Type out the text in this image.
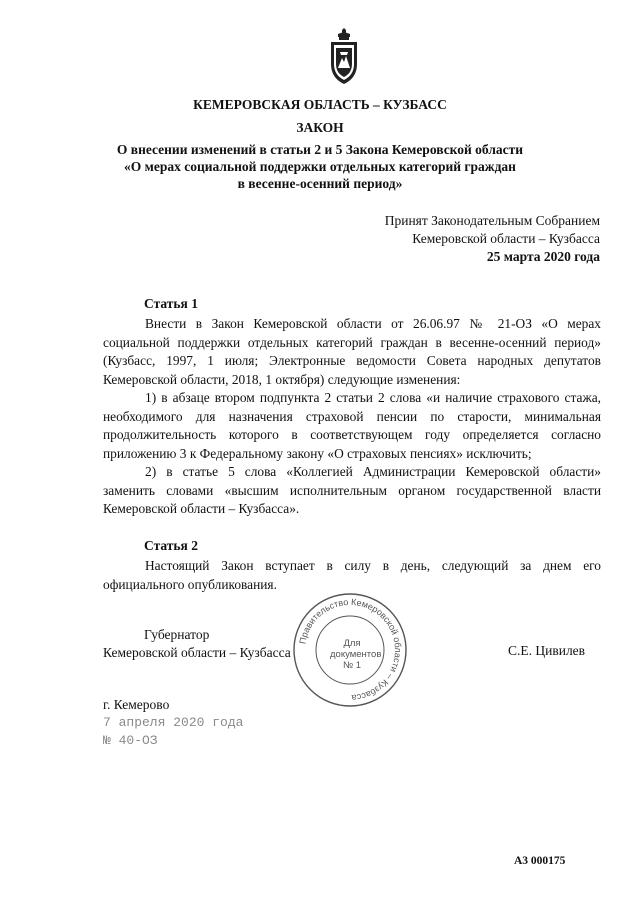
КЕМЕРОВСКАЯ ОБЛАСТЬ – КУЗБАСС
ЗАКОН
О внесении изменений в статьи 2 и 5 Закона Кемеровской области
«О мерах социальной поддержки отдельных категорий граждан
в весенне-осенний период»
Принят Законодательным Собранием
Кемеровской области – Кузбасса
25 марта 2020 года
Статья 1
Внести в Закон Кемеровской области от 26.06.97 № 21-ОЗ «О мерах социальной поддержки отдельных категорий граждан в весенне-осенний период» (Кузбасс, 1997, 1 июля; Электронные ведомости Совета народных депутатов Кемеровской области, 2018, 1 октября) следующие изменения:
1) в абзаце втором подпункта 2 статьи 2 слова «и наличие страхового стажа, необходимого для назначения страховой пенсии по старости, минимальная продолжительность которого в соответствующем году определяется согласно приложению 3 к Федеральному закону «О страховых пенсиях» исключить;
2) в статье 5 слова «Коллегией Администрации Кемеровской области» заменить словами «высшим исполнительным органом государственной власти Кемеровской области – Кузбасса».
Статья 2
Настоящий Закон вступает в силу в день, следующий за днем его официального опубликования.
Губернатор
Кемеровской области – Кузбасса	С.Е. Цивилев
Правительство Кемеровской области – Кузбасса
Для
документов
№ 1
г. Кемерово
7 апреля 2020 года
№ 40-ОЗ
А3 000175
